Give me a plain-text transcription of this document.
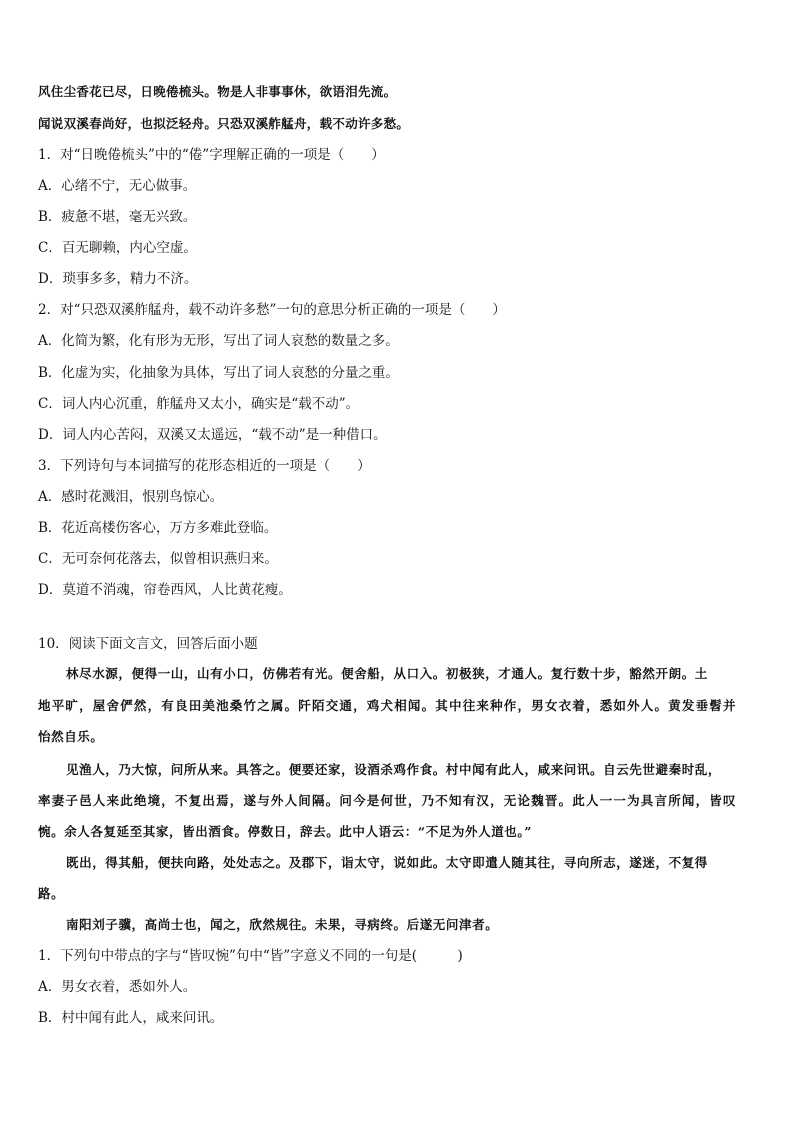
风住尘香花已尽，日晚倦梳头。物是人非事事休，欲语泪先流。
闻说双溪春尚好，也拟泛轻舟。只恐双溪舴艋舟，载不动许多愁。
1．对“日晚倦梳头”中的“倦”字理解正确的一项是（　　）
A．心绪不宁，无心做事。
B．疲惫不堪，毫无兴致。
C．百无聊赖，内心空虚。
D．琐事多多，精力不济。
2．对“只恐双溪舴艋舟，载不动许多愁”一句的意思分析正确的一项是（　　）
A．化简为繁，化有形为无形，写出了词人哀愁的数量之多。
B．化虚为实，化抽象为具体，写出了词人哀愁的分量之重。
C．词人内心沉重，舴艋舟又太小，确实是“载不动”。
D．词人内心苦闷，双溪又太遥远，“载不动”是一种借口。
3．下列诗句与本词描写的花形态相近的一项是（　　）
A．感时花溅泪，恨别鸟惊心。
B．花近高楼伤客心，万方多难此登临。
C．无可奈何花落去，似曾相识燕归来。
D．莫道不消魂，帘卷西风，人比黄花瘦。
10．阅读下面文言文，回答后面小题
林尽水源，便得一山，山有小口，仿佛若有光。便舍船，从口入。初极狭，才通人。复行数十步，豁然开朗。土
地平旷，屋舍俨然，有良田美池桑竹之属。阡陌交通，鸡犬相闻。其中往来种作，男女衣着，悉如外人。黄发垂髫并
怡然自乐。
见渔人，乃大惊，问所从来。具答之。便要还家，设酒杀鸡作食。村中闻有此人，咸来问讯。自云先世避秦时乱，
率妻子邑人来此绝境，不复出焉，遂与外人间隔。问今是何世，乃不知有汉，无论魏晋。此人一一为具言所闻，皆叹
惋。余人各复延至其家，皆出酒食。停数日，辞去。此中人语云：“不足为外人道也。”
既出，得其船，便扶向路，处处志之。及郡下，诣太守，说如此。太守即遣人随其往，寻向所志，遂迷，不复得
路。
南阳刘子骥，高尚士也，闻之，欣然规往。未果，寻病终。后遂无问津者。
1．下列句中带点的字与“皆叹惋”句中“皆”字意义不同的一句是(　　　)
A．男女衣着，悉如外人。
B．村中闻有此人，咸来问讯。
